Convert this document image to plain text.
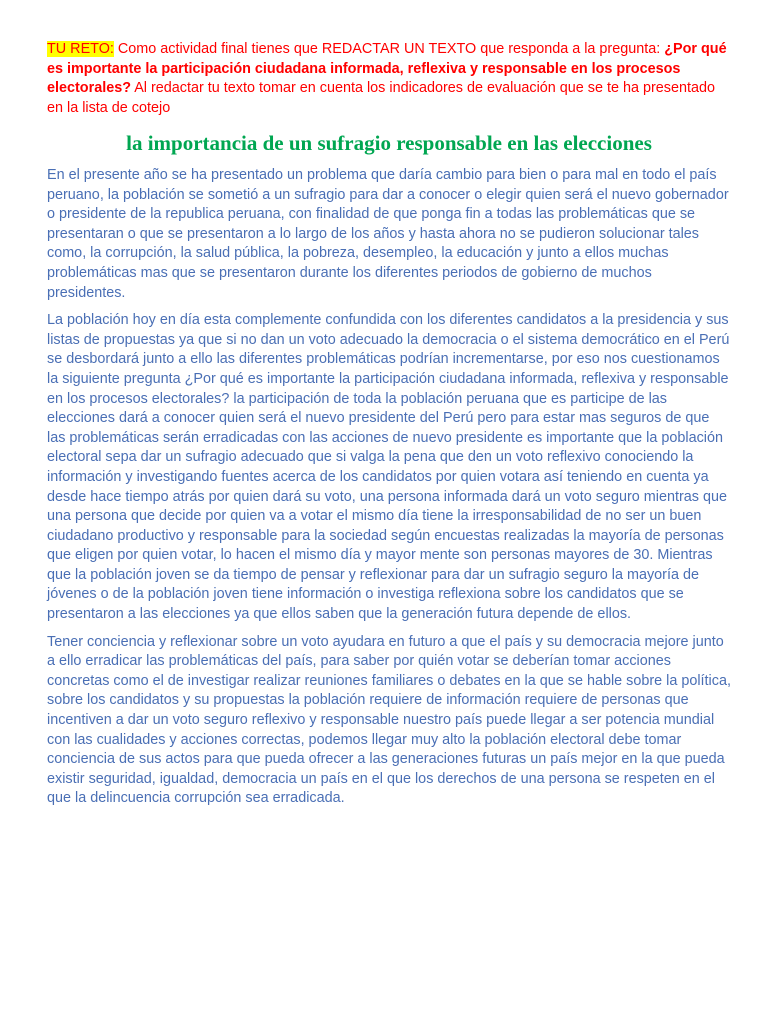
TU RETO: Como actividad final tienes que REDACTAR UN TEXTO que responda a la pregunta: ¿Por qué es importante la participación ciudadana informada, reflexiva y responsable en los procesos electorales? Al redactar tu texto tomar en cuenta los indicadores de evaluación que se te ha presentado en la lista de cotejo

la importancia de un sufragio responsable en las elecciones

En el presente año se ha presentado un problema que daría cambio para bien o para mal en todo el país peruano, la población se sometió a un sufragio para dar a conocer o elegir quien será el nuevo gobernador o presidente de la republica peruana, con finalidad de que ponga fin a todas las problemáticas que se presentaran o que se presentaron a lo largo de los años y hasta ahora no se pudieron solucionar tales como, la corrupción, la salud pública, la pobreza, desempleo, la educación y junto a ellos muchas problemáticas mas que se presentaron durante los diferentes periodos de gobierno de muchos presidentes.

La población hoy en día esta complemente confundida con los diferentes candidatos a la presidencia y sus listas de propuestas ya que si no dan un voto adecuado la democracia o el sistema democrático en el Perú se desbordará junto a ello las diferentes problemáticas podrían incrementarse, por eso nos cuestionamos la siguiente pregunta ¿Por qué es importante la participación ciudadana informada, reflexiva y responsable en los procesos electorales? la participación de toda la población peruana que es participe de las elecciones dará a conocer quien será el nuevo presidente del Perú pero para estar mas seguros de que las problemáticas serán erradicadas con las acciones de nuevo presidente es importante que la población electoral sepa dar un sufragio adecuado que si valga la pena que den un voto reflexivo conociendo la información y investigando fuentes acerca de los candidatos por quien votara así teniendo en cuenta ya desde hace tiempo atrás por quien dará su voto, una persona informada dará un voto seguro mientras que una persona que decide por quien va a votar el mismo día tiene la irresponsabilidad de no ser un buen ciudadano productivo y responsable para la sociedad según encuestas realizadas la mayoría de personas que eligen por quien votar, lo hacen el mismo día y mayor mente son personas mayores de 30. Mientras que la población joven se da tiempo de pensar y reflexionar para dar un sufragio seguro la mayoría de jóvenes o de la población joven tiene información o investiga reflexiona sobre los candidatos que se presentaron a las elecciones ya que ellos saben que la generación futura depende de ellos.

Tener conciencia y reflexionar sobre un voto ayudara en futuro a que el país y su democracia mejore junto a ello erradicar las problemáticas del país, para saber por quién votar se deberían tomar acciones concretas como el de investigar realizar reuniones familiares o debates en la que se hable sobre la política, sobre los candidatos y su propuestas la población requiere de información requiere de personas que incentiven a dar un voto seguro reflexivo y responsable nuestro país puede llegar a ser potencia mundial con las cualidades y acciones correctas, podemos llegar muy alto la población electoral debe tomar conciencia de sus actos para que pueda ofrecer a las generaciones futuras un país mejor en la que pueda existir seguridad, igualdad, democracia un país en el que los derechos de una persona se respeten en el que la delincuencia corrupción sea erradicada.
